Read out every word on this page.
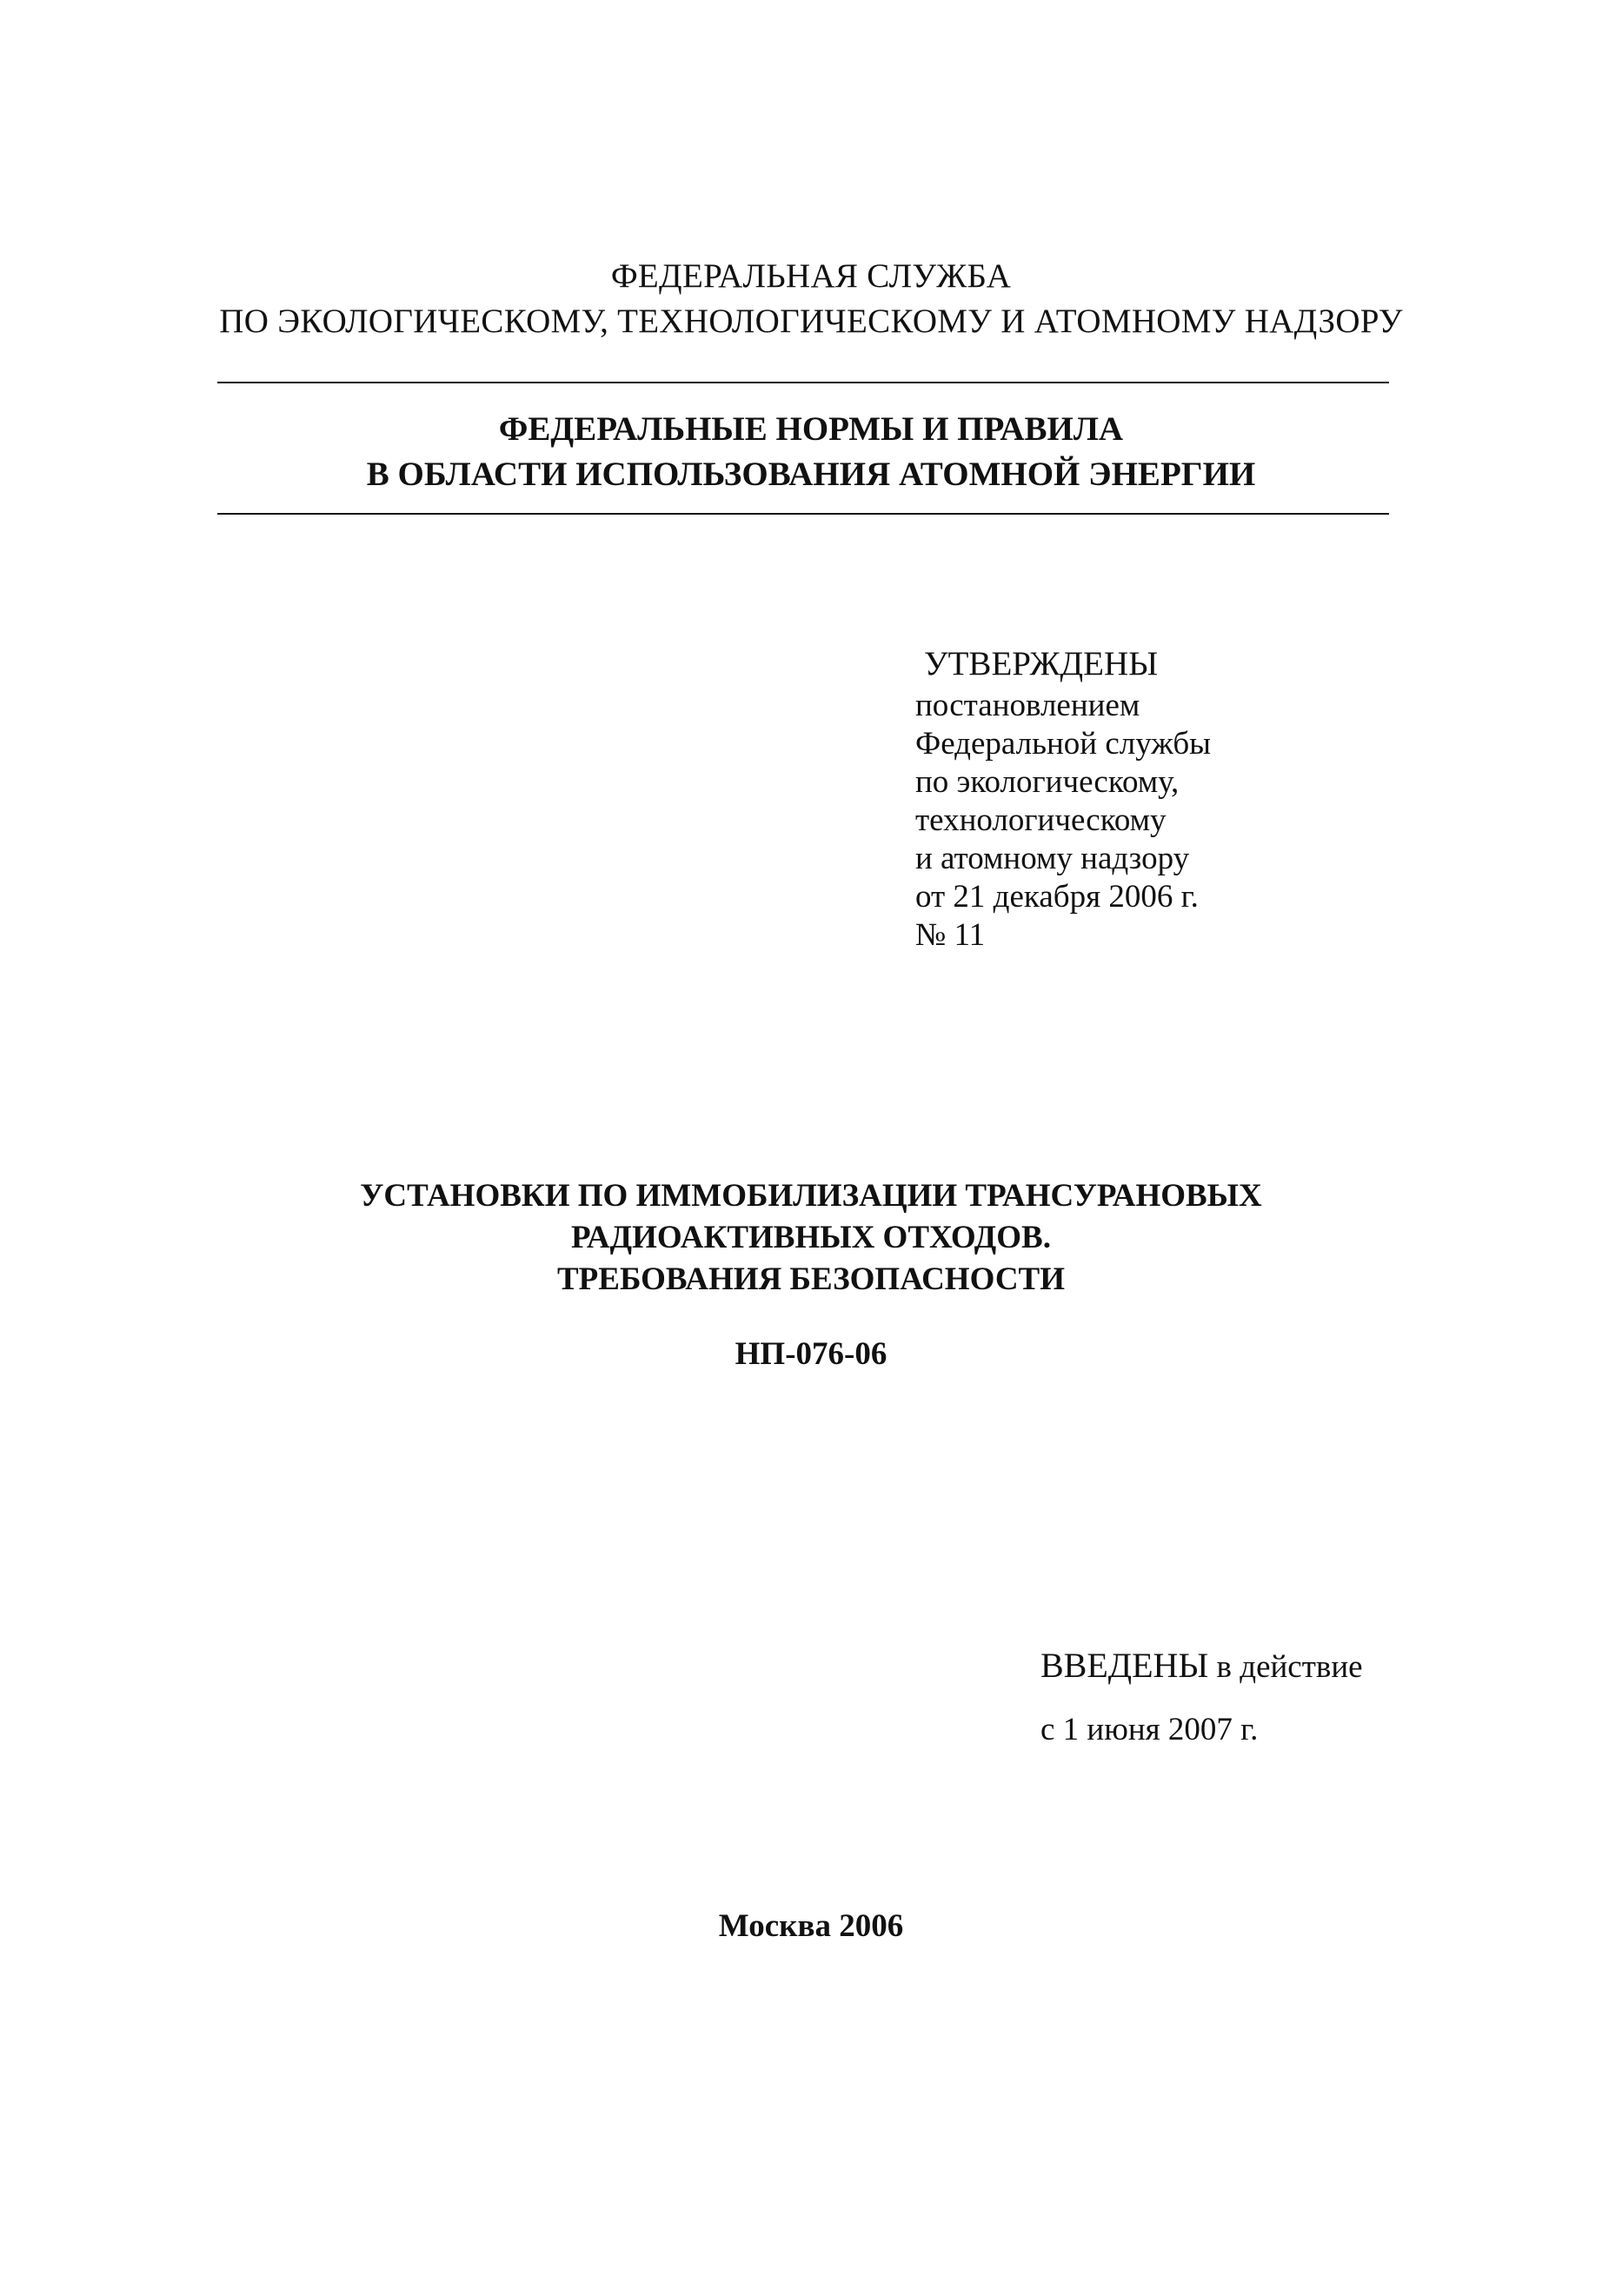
ФЕДЕРАЛЬНАЯ СЛУЖБА
ПО ЭКОЛОГИЧЕСКОМУ, ТЕХНОЛОГИЧЕСКОМУ И АТОМНОМУ НАДЗОРУ
ФЕДЕРАЛЬНЫЕ НОРМЫ И ПРАВИЛА
В ОБЛАСТИ ИСПОЛЬЗОВАНИЯ АТОМНОЙ ЭНЕРГИИ
УТВЕРЖДЕНЫ
постановлением
Федеральной службы
по экологическому,
технологическому
и атомному надзору
от 21 декабря 2006 г.
№ 11
УСТАНОВКИ ПО ИММОБИЛИЗАЦИИ ТРАНСУРАНОВЫХ
РАДИОАКТИВНЫХ ОТХОДОВ.
ТРЕБОВАНИЯ БЕЗОПАСНОСТИ
НП-076-06
ВВЕДЕНЫ в действие
с 1 июня 2007 г.
Москва 2006
